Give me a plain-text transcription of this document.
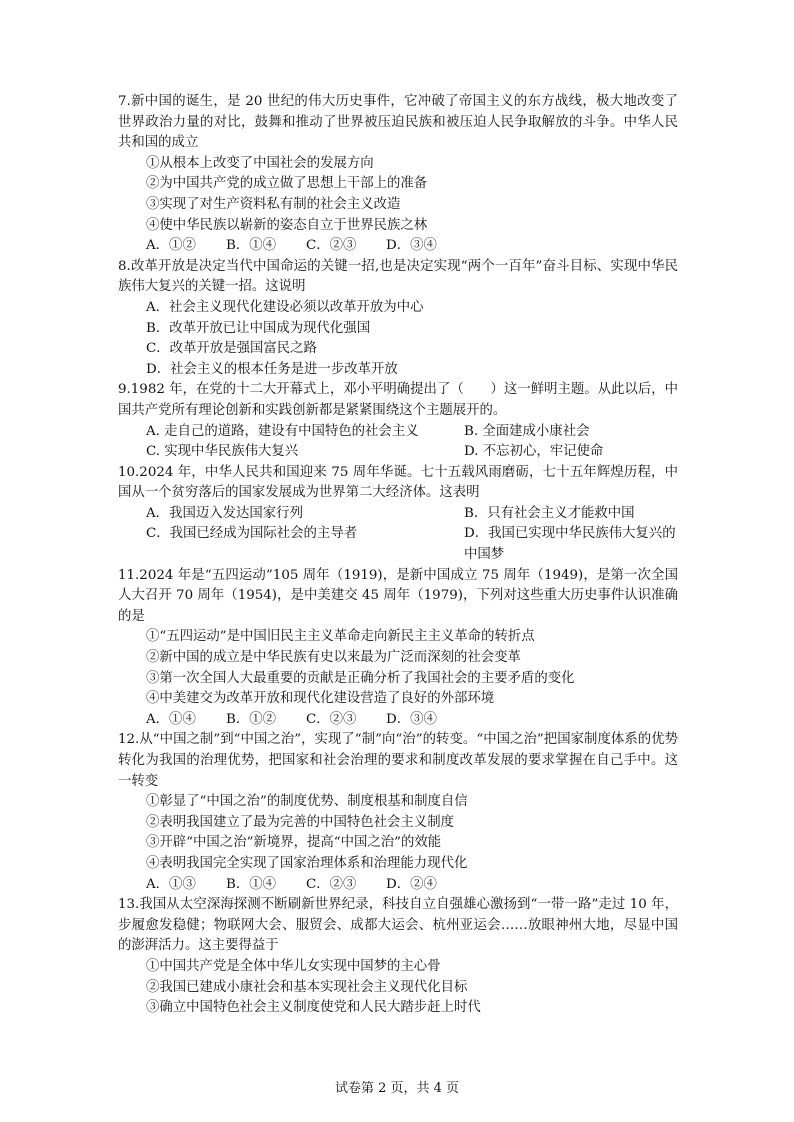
7.新中国的诞生，是 20 世纪的伟大历史事件，它冲破了帝国主义的东方战线，极大地改变了世界政治力量的对比，鼓舞和推动了世界被压迫民族和被压迫人民争取解放的斗争。中华人民共和国的成立

①从根本上改变了中国社会的发展方向

②为中国共产党的成立做了思想上干部上的准备

③实现了对生产资料私有制的社会主义改造

④使中华民族以崭新的姿态自立于世界民族之林

A．①②	B．①④	C．②③	D．③④

8.改革开放是决定当代中国命运的关键一招,也是决定实现“两个一百年”奋斗目标、实现中华民族伟大复兴的关键一招。这说明

A．社会主义现代化建设必须以改革开放为中心

B．改革开放已让中国成为现代化强国

C．改革开放是强国富民之路

D．社会主义的根本任务是进一步改革开放

9.1982 年，在党的十二大开幕式上，邓小平明确提出了（　　）这一鲜明主题。从此以后，中国共产党所有理论创新和实践创新都是紧紧围绕这个主题展开的。

A. 走自己的道路，建设有中国特色的社会主义	B. 全面建成小康社会
C. 实现中华民族伟大复兴	D. 不忘初心，牢记使命

10.2024 年，中华人民共和国迎来 75 周年华诞。七十五载风雨磨砺，七十五年辉煌历程，中国从一个贫穷落后的国家发展成为世界第二大经济体。这表明

A．我国迈入发达国家行列	B．只有社会主义才能救中国
C．我国已经成为国际社会的主导者	D．我国已实现中华民族伟大复兴的中国梦

11.2024 年是“五四运动”105 周年（1919)，是新中国成立 75 周年（1949)，是第一次全国人大召开 70 周年（1954)，是中美建交 45 周年（1979)，下列对这些重大历史事件认识准确的是

①“五四运动”是中国旧民主主义革命走向新民主主义革命的转折点

②新中国的成立是中华民族有史以来最为广泛而深刻的社会变革

③第一次全国人大最重要的贡献是正确分析了我国社会的主要矛盾的变化

④中美建交为改革开放和现代化建设营造了良好的外部环境

A．①④	B．①②	C．②③	D．③④

12.从“中国之制”到“中国之治”，实现了“制”向“治”的转变。“中国之治”把国家制度体系的优势转化为我国的治理优势，把国家和社会治理的要求和制度改革发展的要求掌握在自己手中。这一转变

①彰显了“中国之治”的制度优势、制度根基和制度自信

②表明我国建立了最为完善的中国特色社会主义制度

③开辟“中国之治”新境界，提高“中国之治”的效能

④表明我国完全实现了国家治理体系和治理能力现代化

A．①③	B．①④	C．②③	D．②④

13.我国从太空深海探测不断刷新世界纪录，科技自立自强雄心激扬到“一带一路”走过 10 年，步履愈发稳健；物联网大会、服贸会、成都大运会、杭州亚运会……放眼神州大地，尽显中国的澎湃活力。这主要得益于

①中国共产党是全体中华儿女实现中国梦的主心骨

②我国已建成小康社会和基本实现社会主义现代化目标

③确立中国特色社会主义制度使党和人民大踏步赶上时代

试卷第 2 页，共 4 页
